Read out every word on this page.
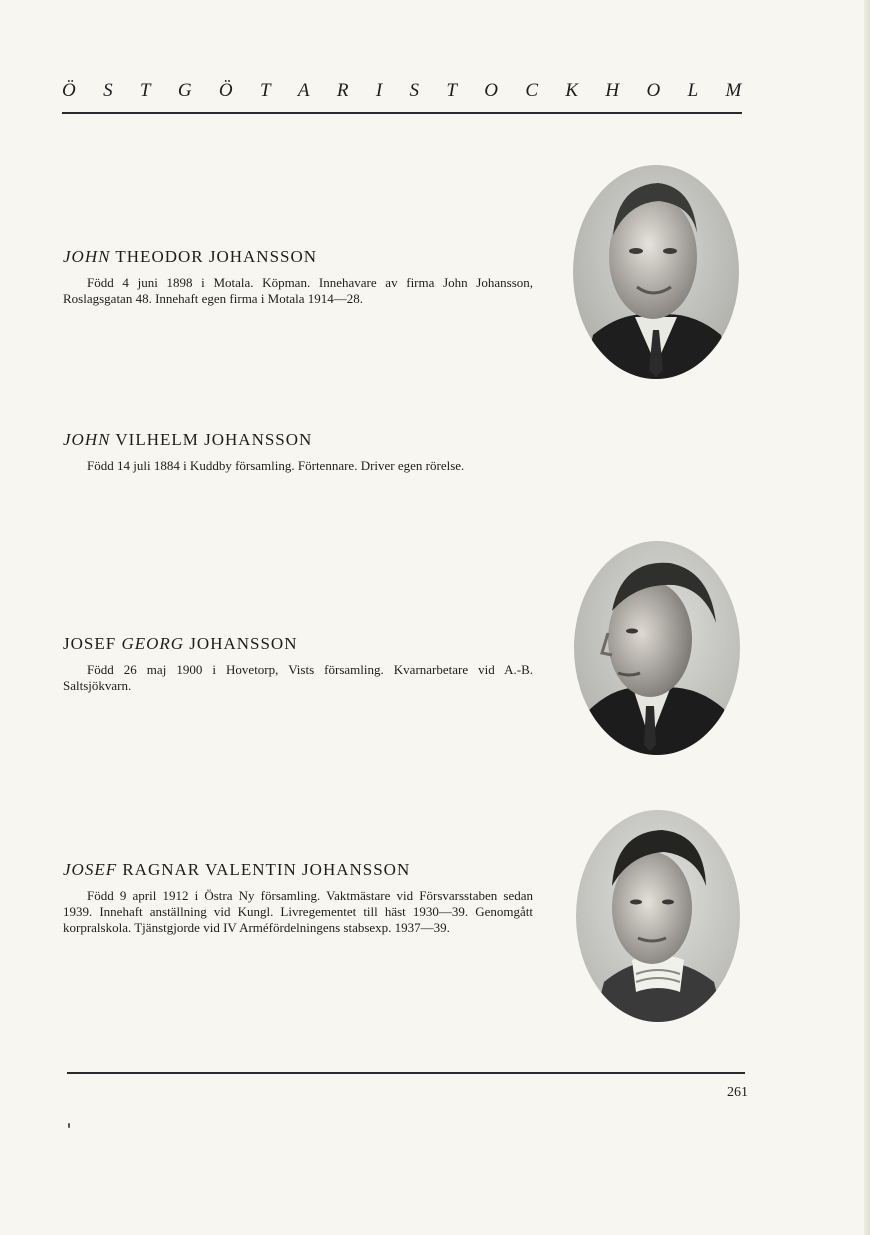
Ö S T G Ö T A R I S T O C K H O L M
JOHN THEODOR JOHANSSON

Född 4 juni 1898 i Motala. Köpman. Innehavare av firma John Johansson, Roslagsgatan 48. Innehaft egen firma i Motala 1914—28.

JOHN VILHELM JOHANSSON

Född 14 juli 1884 i Kuddby församling. Förtennare. Driver egen rörelse.

JOSEF GEORG JOHANSSON

Född 26 maj 1900 i Hovetorp, Vists församling. Kvarnarbetare vid A.-B. Saltsjökvarn.

JOSEF RAGNAR VALENTIN JOHANSSON

Född 9 april 1912 i Östra Ny församling. Vaktmästare vid Försvarsstaben sedan 1939. Innehaft anställning vid Kungl. Livregementet till häst 1930—39. Genomgått korpralskola. Tjänstgjorde vid IV Arméfördelningens stabsexp. 1937—39.

261
